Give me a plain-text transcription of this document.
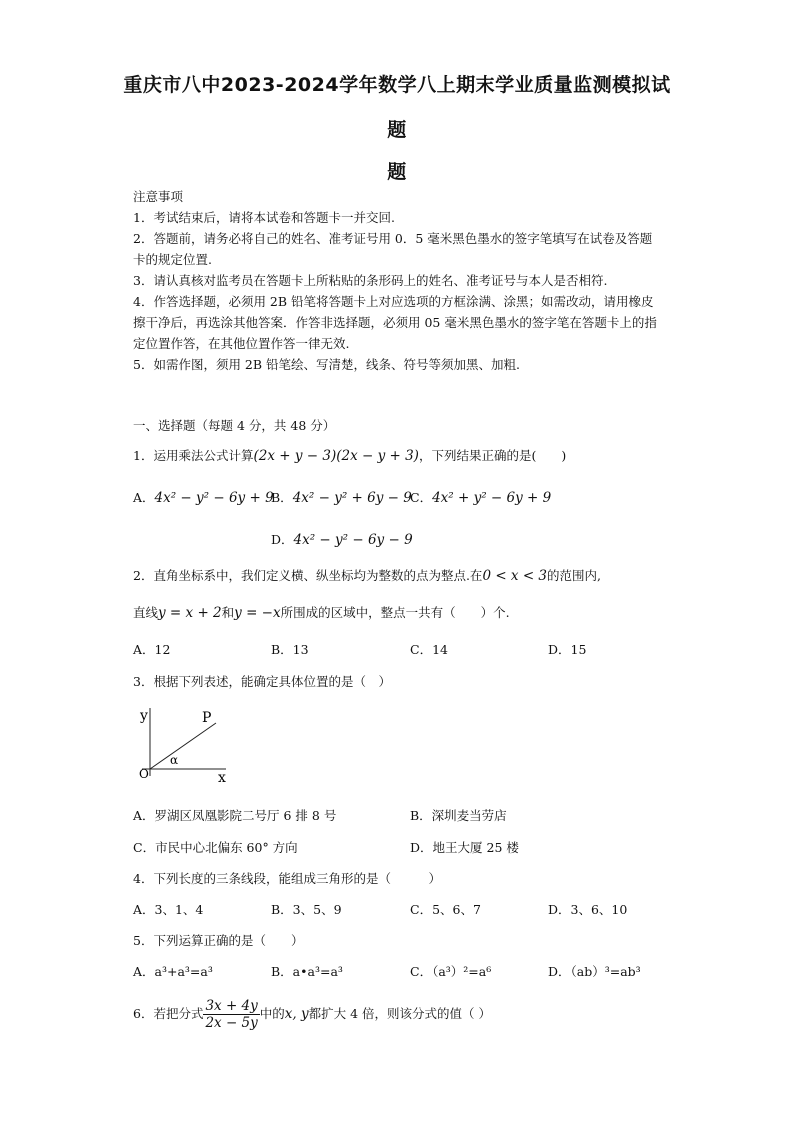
重庆市八中2023-2024学年数学八上期末学业质量监测模拟试
题
题

注意事项

1．考试结束后，请将本试卷和答题卡一并交回.

2．答题前，请务必将自己的姓名、准考证号用 0．5 毫米黑色墨水的签字笔填写在试卷及答题卡的规定位置.

3．请认真核对监考员在答题卡上所粘贴的条形码上的姓名、准考证号与本人是否相符.

4．作答选择题，必须用 2B 铅笔将答题卡上对应选项的方框涂满、涂黑；如需改动，请用橡皮擦干净后，再选涂其他答案．作答非选择题，必须用 05 毫米黑色墨水的签字笔在答题卡上的指定位置作答，在其他位置作答一律无效.

5．如需作图，须用 2B 铅笔绘、写清楚，线条、符号等须加黑、加粗.

一、选择题（每题 4 分，共 48 分）
1．运用乘法公式计算(2x + y − 3)(2x − y + 3)，下列结果正确的是(　　)
A．4x² − y² − 6y + 9
B．4x² − y² + 6y − 9
C．4x² + y² − 6y + 9
D．4x² − y² − 6y − 9
2．直角坐标系中，我们定义横、纵坐标均为整数的点为整点.在0 < x < 3的范围内,
直线y = x + 2和y = −x所围成的区域中，整点一共有（　　）个.
A．12	B．13	C．14	D．15
3．根据下列表述，能确定具体位置的是（　）
y	P
O
α
x
A．罗湖区凤凰影院二号厅 6 排 8 号	B．深圳麦当劳店
C．市民中心北偏东 60° 方向	D．地王大厦 25 楼
4．下列长度的三条线段，能组成三角形的是（　　　）
A．3、1、4	B．3、5、9	C．5、6、7	D．3、6、10
5．下列运算正确的是（　　）
A．a³+a³=a³	B．a•a³=a³	C．（a³）²=a⁶	D．（ab）³=ab³
6．若把分式 $\frac{3x + 4y}{2x - 5y}$ 中的x, y都扩大 4 倍，则该分式的值（ ）
